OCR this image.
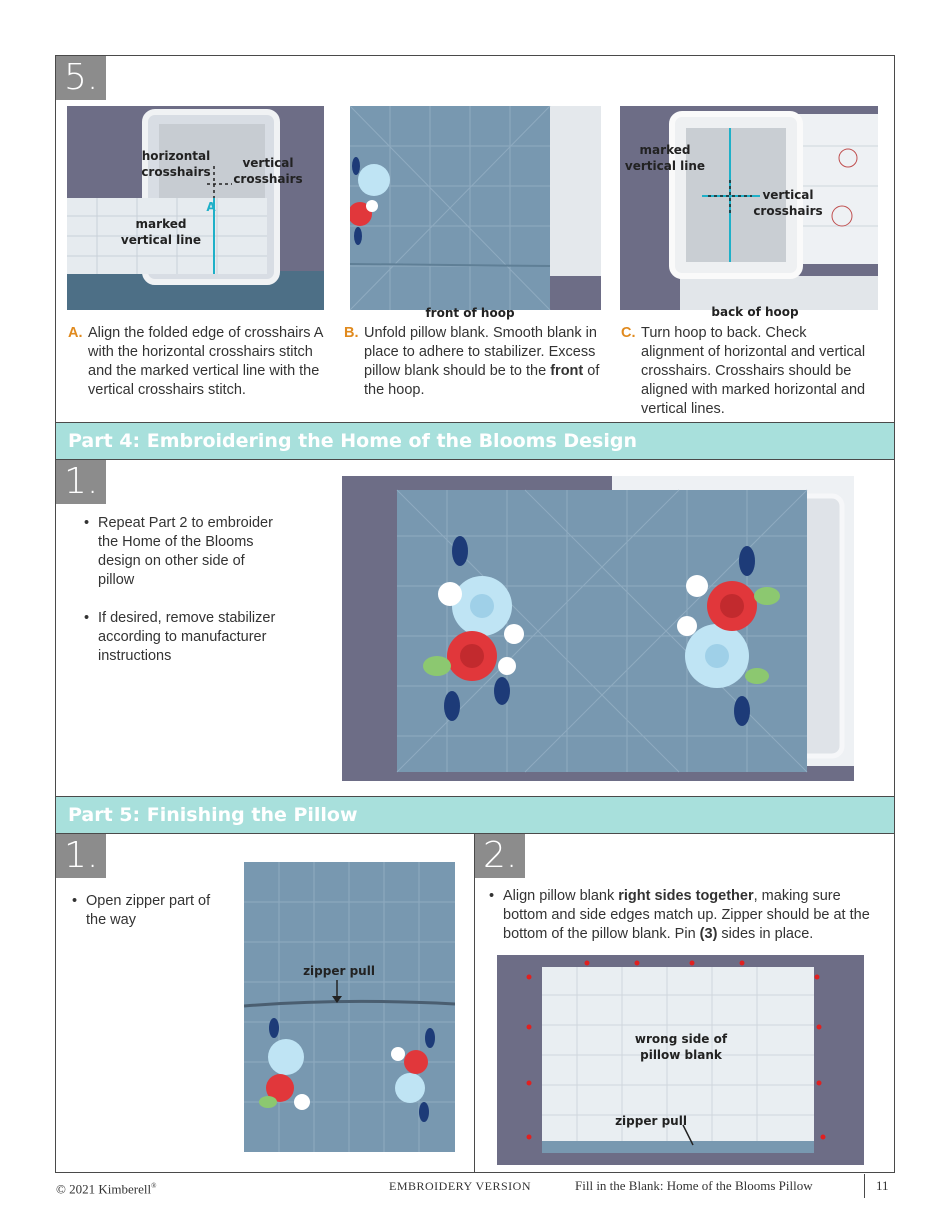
5.
horizontal
crosshairs
vertical
crosshairs
A
marked
vertical line
front of hoop
marked
vertical line
vertical
crosshairs
back of hoop
A. Align the folded edge of crosshairs A with the horizontal crosshairs stitch and the marked vertical line with the vertical crosshairs stitch.
B. Unfold pillow blank. Smooth blank in place to adhere to stabilizer. Excess pillow blank should be to the front of the hoop.
C. Turn hoop to back. Check alignment of horizontal and vertical crosshairs. Crosshairs should be aligned with marked horizontal and vertical lines.
Part 4: Embroidering the Home of the Blooms Design
1.
• Repeat Part 2 to embroider the Home of the Blooms design on other side of pillow
• If desired, remove stabilizer according to manufacturer instructions
Part 5: Finishing the Pillow
1.
• Open zipper part of the way
zipper pull
2.
• Align pillow blank right sides together, making sure bottom and side edges match up. Zipper should be at the bottom of the pillow blank. Pin (3) sides in place.
wrong side of
pillow blank
zipper pull
© 2021 Kimberell®	EMBROIDERY VERSION	Fill in the Blank: Home of the Blooms Pillow	11
